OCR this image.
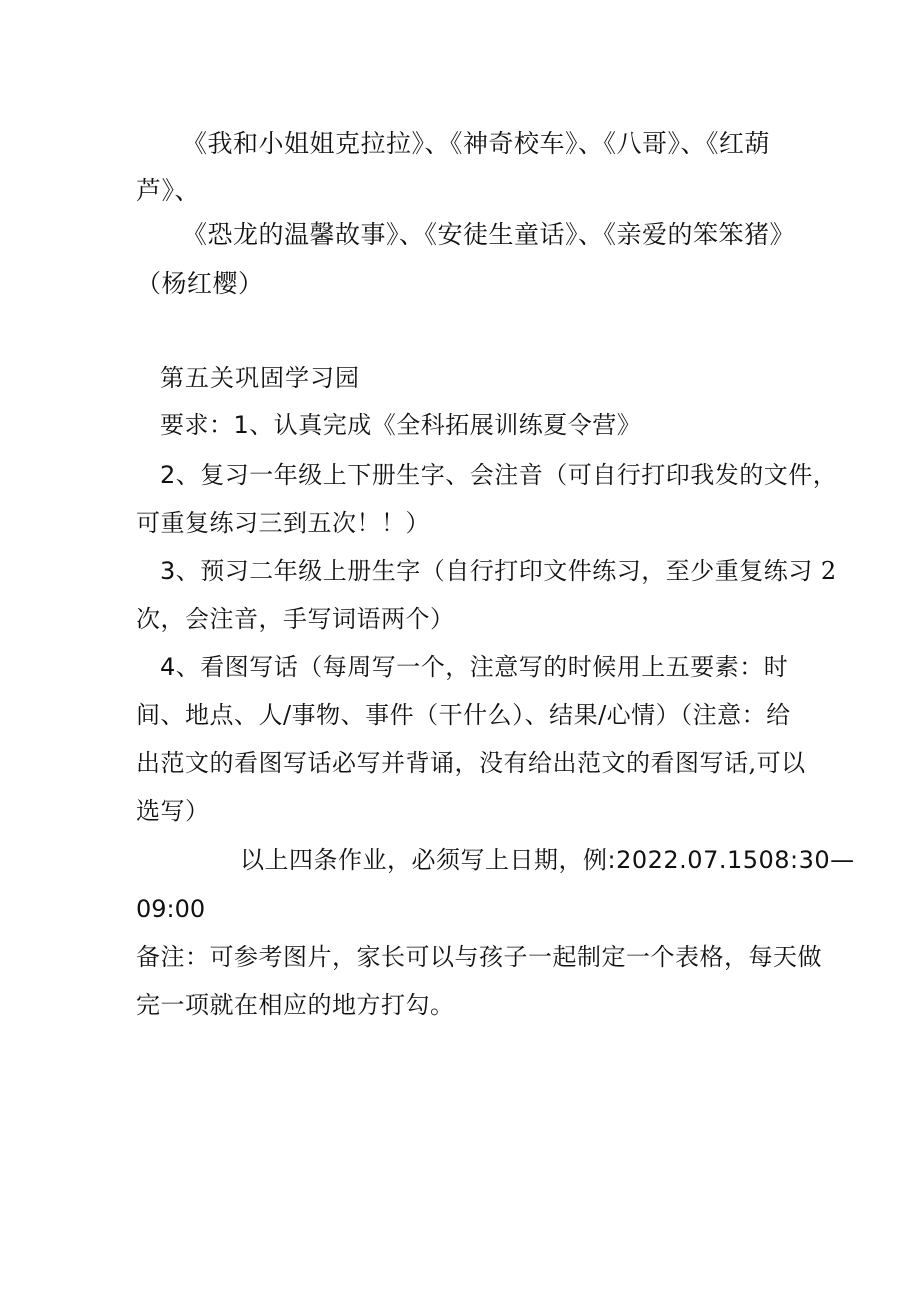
《我和小姐姐克拉拉》、《神奇校车》、《八哥》、《红葫
芦》、
《恐龙的温馨故事》、《安徒生童话》、《亲爱的笨笨猪》
（杨红樱）
第五关巩固学习园
要求：1、认真完成《全科拓展训练夏令营》
2、复习一年级上下册生字、会注音（可自行打印我发的文件，
可重复练习三到五次！！）
3、预习二年级上册生字（自行打印文件练习，至少重复练习 2
次，会注音，手写词语两个）
4、看图写话（每周写一个，注意写的时候用上五要素：时
间、地点、人/事物、事件（干什么）、结果/心情）（注意：给
出范文的看图写话必写并背诵，没有给出范文的看图写话,可以
选写）
以上四条作业，必须写上日期，例:2022.07.1508:30—
09:00
备注：可参考图片，家长可以与孩子一起制定一个表格，每天做
完一项就在相应的地方打勾。
